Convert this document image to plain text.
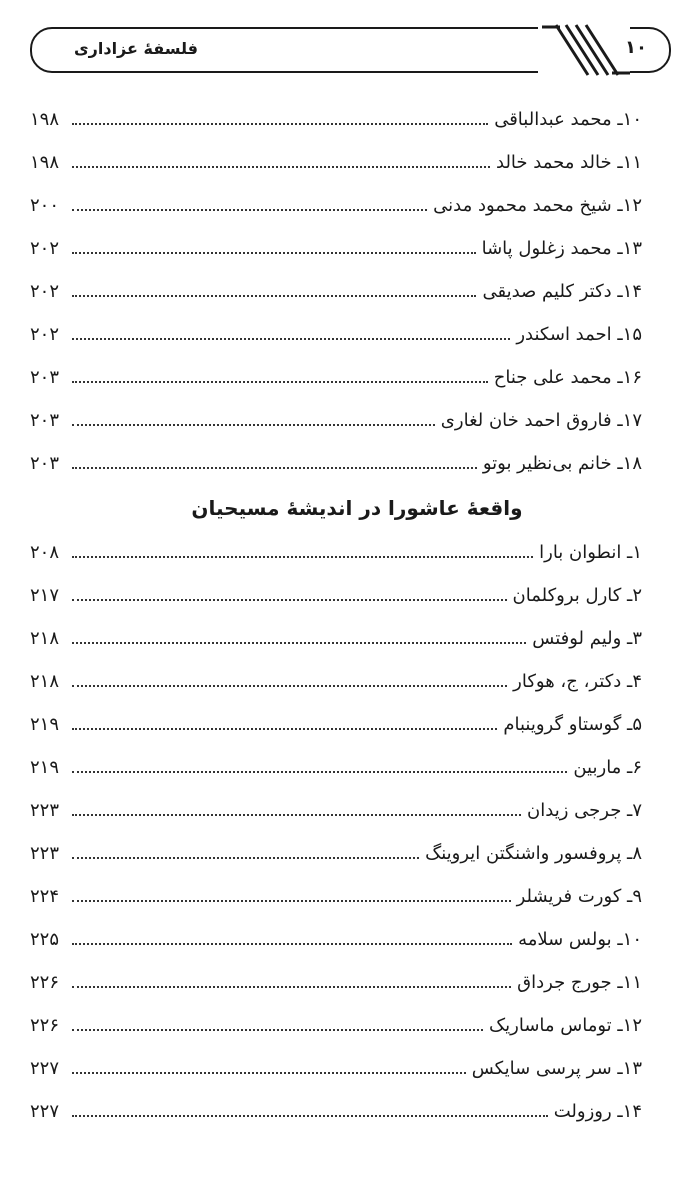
فلسفۀ عزاداری	۱۰
۱۰ـ محمد عبدالباقی
۱۹۸
۱۱ـ خالد محمد خالد
۱۹۸
۱۲ـ شیخ محمد محمود مدنی
۲۰۰
۱۳ـ محمد زغلول پاشا
۲۰۲
۱۴ـ دکتر کلیم صدیقی
۲۰۲
۱۵ـ احمد اسکندر
۲۰۲
۱۶ـ محمد علی جناح
۲۰۳
۱۷ـ فاروق احمد خان لغاری
۲۰۳
۱۸ـ خانم بی‌نظیر بوتو
۲۰۳
واقعۀ عاشورا در اندیشۀ مسیحیان
۱ـ انطوان بارا
۲۰۸
۲ـ کارل بروکلمان
۲۱۷
۳ـ ولیم لوفتس
۲۱۸
۴ـ دکتر، ج، هوکار
۲۱۸
۵ـ گوستاو گروینبام
۲۱۹
۶ـ ماربین
۲۱۹
۷ـ جرجی زیدان
۲۲۳
۸ـ پروفسور واشنگتن ایروینگ
۲۲۳
۹ـ کورت فریشلر
۲۲۴
۱۰ـ بولس سلامه
۲۲۵
۱۱ـ جورج جرداق
۲۲۶
۱۲ـ توماس ماساریک
۲۲۶
۱۳ـ سر پرسی سایکس
۲۲۷
۱۴ـ روزولت
۲۲۷
